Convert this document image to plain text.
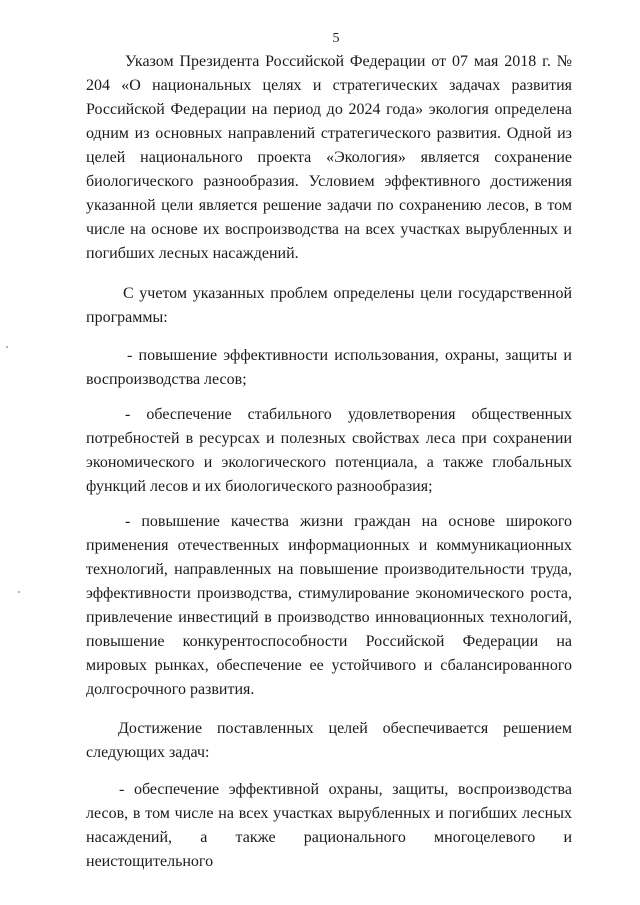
5

Указом Президента Российской Федерации от 07 мая 2018 г. № 204 «О национальных целях и стратегических задачах развития Российской Федерации на период до 2024 года» экология определена одним из основных направлений стратегического развития. Одной из целей национального проекта «Экология» является сохранение биологического разнообразия. Условием эффективного достижения указанной цели является решение задачи по сохранению лесов, в том числе на основе их воспроизводства на всех участках вырубленных и погибших лесных насаждений.

С учетом указанных проблем определены цели государственной программы:

- повышение эффективности использования, охраны, защиты и воспроизводства лесов;

- обеспечение стабильного удовлетворения общественных потребностей в ресурсах и полезных свойствах леса при сохранении экономического и экологического потенциала, а также глобальных функций лесов и их биологического разнообразия;

- повышение качества жизни граждан на основе широкого применения отечественных информационных и коммуникационных технологий, направленных на повышение производительности труда, эффективности производства, стимулирование экономического роста, привлечение инвестиций в производство инновационных технологий, повышение конкурентоспособности Российской Федерации на мировых рынках, обеспечение ее устойчивого и сбалансированного долгосрочного развития.

Достижение поставленных целей обеспечивается решением следующих задач:

- обеспечение эффективной охраны, защиты, воспроизводства лесов, в том числе на всех участках вырубленных и погибших лесных насаждений, а также рационального многоцелевого и неистощительного
